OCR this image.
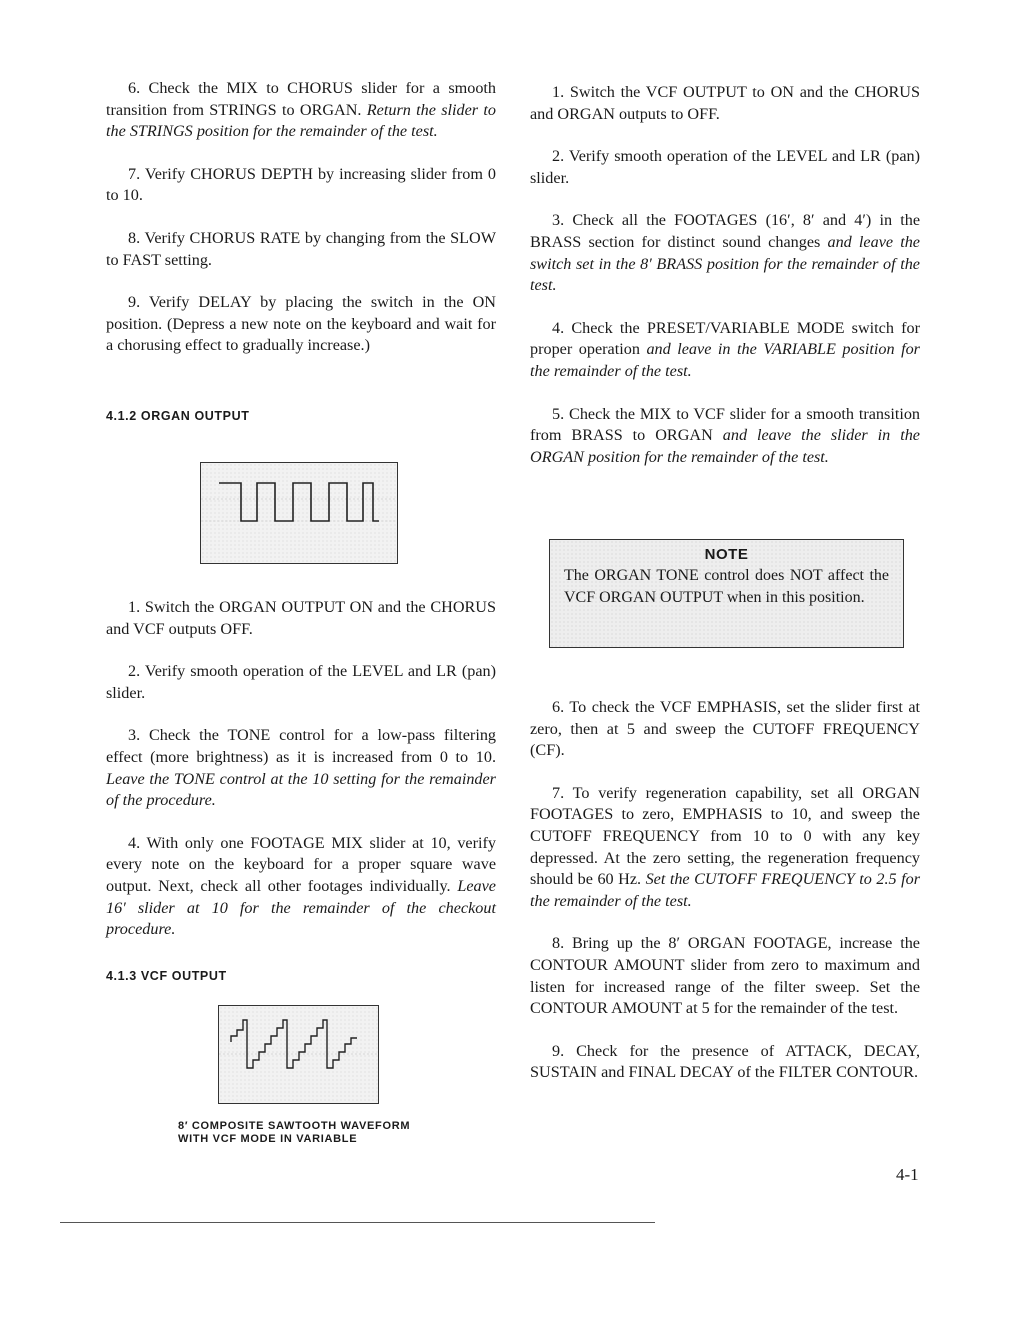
6. Check the MIX to CHORUS slider for a smooth transition from STRINGS to ORGAN. Return the slider to the STRINGS position for the remainder of the test.

7. Verify CHORUS DEPTH by increasing slider from 0 to 10.

8. Verify CHORUS RATE by changing from the SLOW to FAST setting.

9. Verify DELAY by placing the switch in the ON position. (Depress a new note on the keyboard and wait for a chorusing effect to gradually increase.)

4.1.2 ORGAN OUTPUT

1. Switch the ORGAN OUTPUT ON and the CHORUS and VCF outputs OFF.

2. Verify smooth operation of the LEVEL and LR (pan) slider.

3. Check the TONE control for a low-pass filtering effect (more brightness) as it is increased from 0 to 10. Leave the TONE control at the 10 setting for the remainder of the procedure.

4. With only one FOOTAGE MIX slider at 10, verify every note on the keyboard for a proper square wave output. Next, check all other footages individually. Leave 16′ slider at 10 for the remainder of the checkout procedure.

4.1.3 VCF OUTPUT

8′ COMPOSITE SAWTOOTH WAVEFORM
WITH VCF MODE IN VARIABLE

1. Switch the VCF OUTPUT to ON and the CHORUS and ORGAN outputs to OFF.

2. Verify smooth operation of the LEVEL and LR (pan) slider.

3. Check all the FOOTAGES (16′, 8′ and 4′) in the BRASS section for distinct sound changes and leave the switch set in the 8′ BRASS position for the remainder of the test.

4. Check the PRESET/VARIABLE MODE switch for proper operation and leave in the VARIABLE position for the remainder of the test.

5. Check the MIX to VCF slider for a smooth transition from BRASS to ORGAN and leave the slider in the ORGAN position for the remainder of the test.

NOTE

The ORGAN TONE control does NOT affect the VCF ORGAN OUTPUT when in this position.

6. To check the VCF EMPHASIS, set the slider first at zero, then at 5 and sweep the CUTOFF FREQUENCY (CF).

7. To verify regeneration capability, set all ORGAN FOOTAGES to zero, EMPHASIS to 10, and sweep the CUTOFF FREQUENCY from 10 to 0 with any key depressed. At the zero setting, the regeneration frequency should be 60 Hz. Set the CUTOFF FREQUENCY to 2.5 for the remainder of the test.

8. Bring up the 8′ ORGAN FOOTAGE, increase the CONTOUR AMOUNT slider from zero to maximum and listen for increased range of the filter sweep. Set the CONTOUR AMOUNT at 5 for the remainder of the test.

9. Check for the presence of ATTACK, DECAY, SUSTAIN and FINAL DECAY of the FILTER CONTOUR.

4-1
